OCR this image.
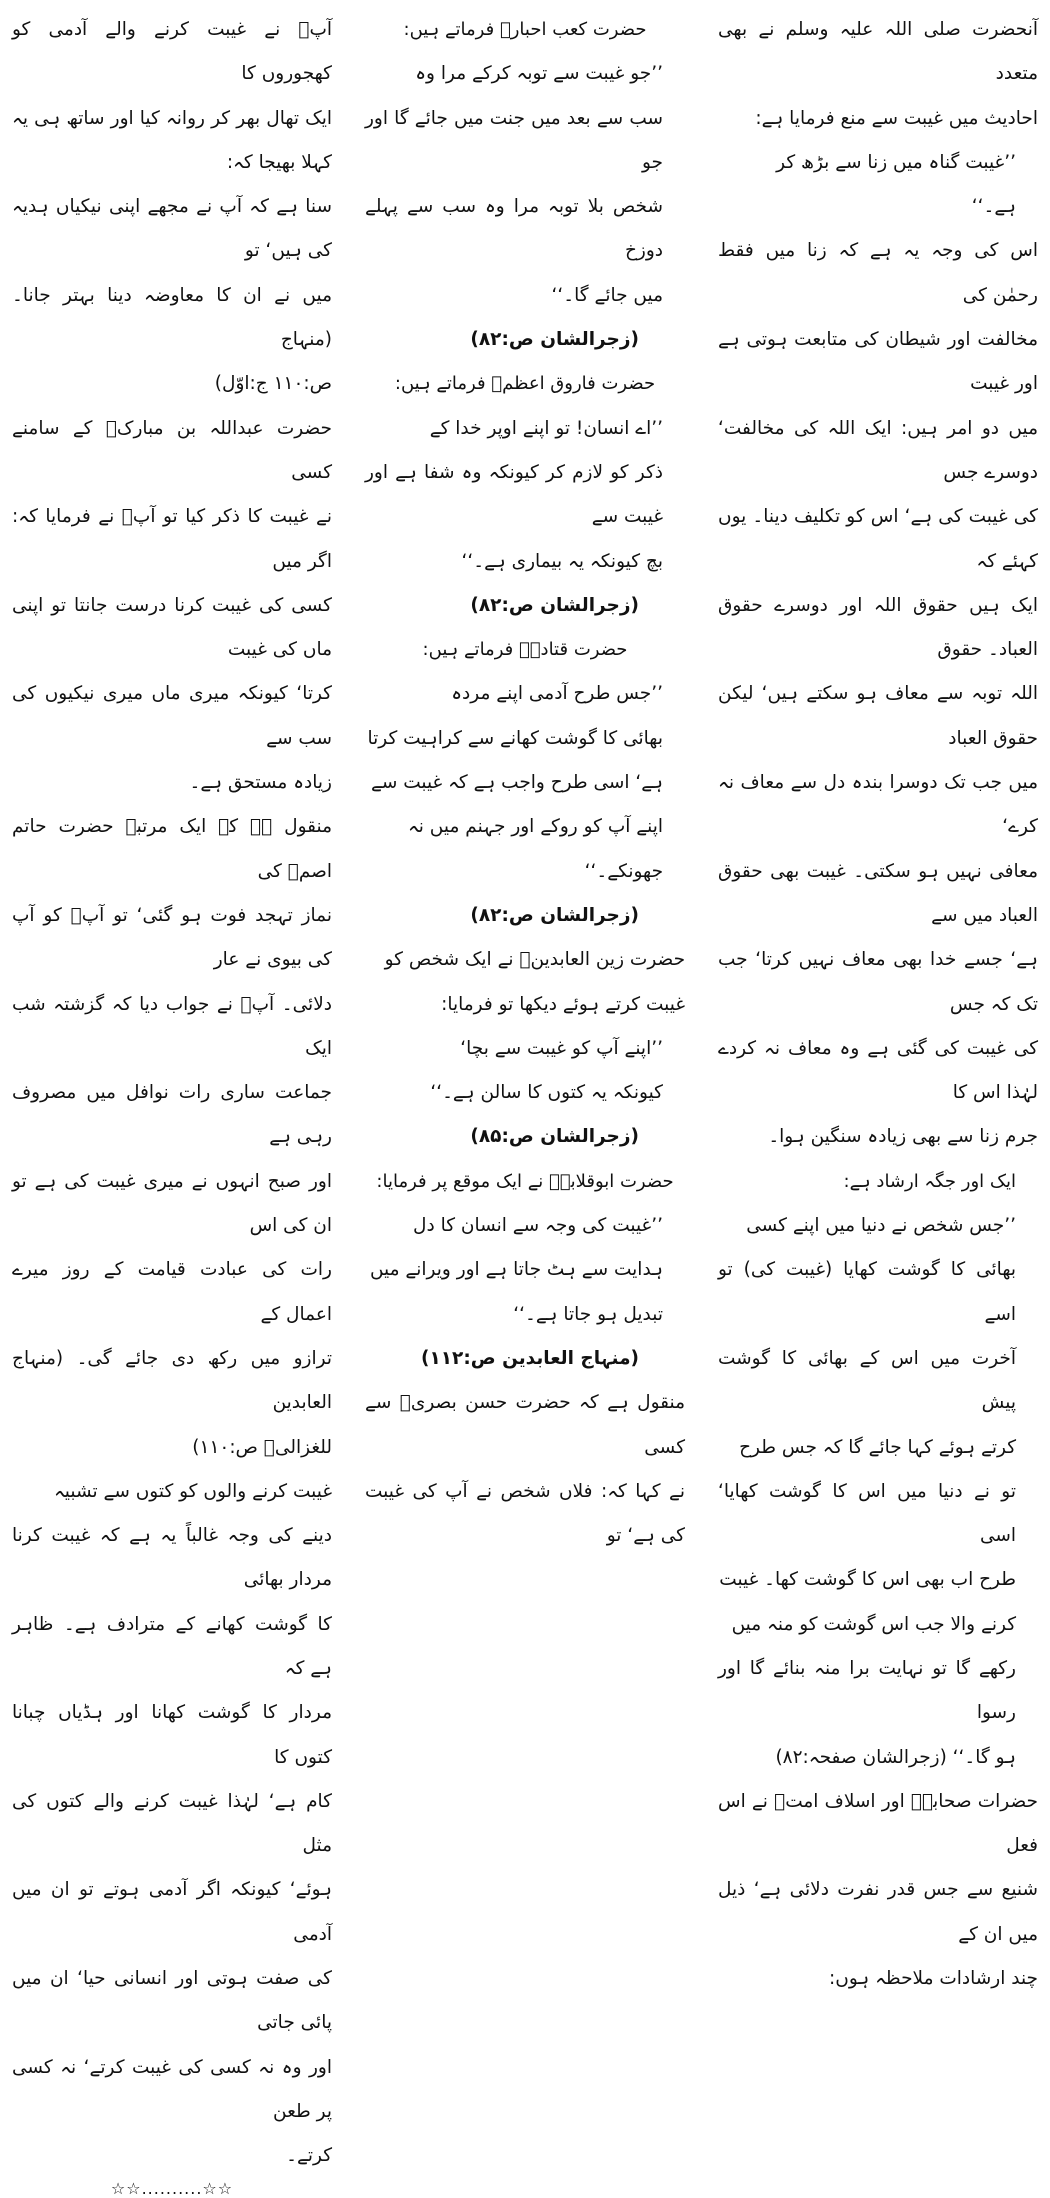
آنحضرت صلی اللہ علیہ وسلم نے بھی متعدد
احادیث میں غیبت سے منع فرمایا ہے:

’’غیبت گناہ میں زنا سے بڑھ کر
ہے۔‘‘

اس کی وجہ یہ ہے کہ زنا میں فقط رحمٰن کی
مخالفت اور شیطان کی متابعت ہوتی ہے اور غیبت
میں دو امر ہیں: ایک اللہ کی مخالفت‘ دوسرے جس
کی غیبت کی ہے‘ اس کو تکلیف دینا۔ یوں کہئے کہ
ایک ہیں حقوق اللہ اور دوسرے حقوق العباد۔ حقوق
اللہ توبہ سے معاف ہو سکتے ہیں‘ لیکن حقوق العباد
میں جب تک دوسرا بندہ دل سے معاف نہ کرے‘
معافی نہیں ہو سکتی۔ غیبت بھی حقوق العباد میں سے
ہے‘ جسے خدا بھی معاف نہیں کرتا‘ جب تک کہ جس
کی غیبت کی گئی ہے وہ معاف نہ کردے لہٰذا اس کا
جرم زنا سے بھی زیادہ سنگین ہوا۔

ایک اور جگہ ارشاد ہے:

’’جس شخص نے دنیا میں اپنے کسی
بھائی کا گوشت کھایا (غیبت کی) تو اسے
آخرت میں اس کے بھائی کا گوشت پیش
کرتے ہوئے کہا جائے گا کہ جس طرح
تو نے دنیا میں اس کا گوشت کھایا‘ اسی
طرح اب بھی اس کا گوشت کھا۔ غیبت
کرنے والا جب اس گوشت کو منہ میں
رکھے گا تو نہایت برا منہ بنائے گا اور رسوا
ہو گا۔‘‘ (زجرالشان صفحہ:۸۲)

حضرات صحابہؓ اور اسلاف امتؒ نے اس فعل
شنیع سے جس قدر نفرت دلائی ہے‘ ذیل میں ان کے
چند ارشادات ملاحظہ ہوں:

حضرت کعب احبارؒ فرماتے ہیں:

’’جو غیبت سے توبہ کرکے مرا وہ
سب سے بعد میں جنت میں جائے گا اور جو
شخص بلا توبہ مرا وہ سب سے پہلے دوزخ
میں جائے گا۔‘‘

(زجرالشان ص:۸۲)

حضرت فاروق اعظمؓ فرماتے ہیں:

’’اے انسان! تو اپنے اوپر خدا کے
ذکر کو لازم کر کیونکہ وہ شفا ہے اور غیبت سے
بچ کیونکہ یہ بیماری ہے۔‘‘

(زجرالشان ص:۸۲)

حضرت قتادہؒ فرماتے ہیں:

’’جس طرح آدمی اپنے مردہ
بھائی کا گوشت کھانے سے کراہیت کرتا
ہے‘ اسی طرح واجب ہے کہ غیبت سے
اپنے آپ کو روکے اور جہنم میں نہ
جھونکے۔‘‘

(زجرالشان ص:۸۲)

حضرت زین العابدینؒ نے ایک شخص کو
غیبت کرتے ہوئے دیکھا تو فرمایا:

’’اپنے آپ کو غیبت سے بچا‘
کیونکہ یہ کتوں کا سالن ہے۔‘‘

(زجرالشان ص:۸۵)

حضرت ابوقلابہؒ نے ایک موقع پر فرمایا:

’’غیبت کی وجہ سے انسان کا دل
ہدایت سے ہٹ جاتا ہے اور ویرانے میں
تبدیل ہو جاتا ہے۔‘‘

(منہاج العابدین ص:۱۱۲)

منقول ہے کہ حضرت حسن بصریؒ سے کسی
نے کہا کہ: فلاں شخص نے آپ کی غیبت کی ہے‘ تو

آپؒ نے غیبت کرنے والے آدمی کو کھجوروں کا
ایک تھال بھر کر روانہ کیا اور ساتھ ہی یہ کہلا بھیجا کہ:
سنا ہے کہ آپ نے مجھے اپنی نیکیاں ہدیہ کی ہیں‘ تو
میں نے ان کا معاوضہ دینا بہتر جانا۔ (منہاج
ص:۱۱۰ ج:اوّل)

حضرت عبداللہ بن مبارکؒ کے سامنے کسی
نے غیبت کا ذکر کیا تو آپؒ نے فرمایا کہ: اگر میں
کسی کی غیبت کرنا درست جانتا تو اپنی ماں کی غیبت
کرتا‘ کیونکہ میری ماں میری نیکیوں کی سب سے
زیادہ مستحق ہے۔

منقول ہے کہ ایک مرتبہ حضرت حاتم اصمؒ کی
نماز تہجد فوت ہو گئی‘ تو آپؒ کو آپ کی بیوی نے عار
دلائی۔ آپؒ نے جواب دیا کہ گزشتہ شب ایک
جماعت ساری رات نوافل میں مصروف رہی ہے
اور صبح انہوں نے میری غیبت کی ہے تو ان کی اس
رات کی عبادت قیامت کے روز میرے اعمال کے
ترازو میں رکھ دی جائے گی۔ (منہاج العابدین
للغزالیؒ ص:۱۱۰)

غیبت کرنے والوں کو کتوں سے تشبیہ
دینے کی وجہ غالباً یہ ہے کہ غیبت کرنا مردار بھائی
کا گوشت کھانے کے مترادف ہے۔ ظاہر ہے کہ
مردار کا گوشت کھانا اور ہڈیاں چبانا کتوں کا
کام ہے‘ لہٰذا غیبت کرنے والے کتوں کی مثل
ہوئے‘ کیونکہ اگر آدمی ہوتے تو ان میں آدمی
کی صفت ہوتی اور انسانی حیا‘ ان میں پائی جاتی
اور وہ نہ کسی کی غیبت کرتے‘ نہ کسی پر طعن
کرتے۔

☆☆..........☆☆
